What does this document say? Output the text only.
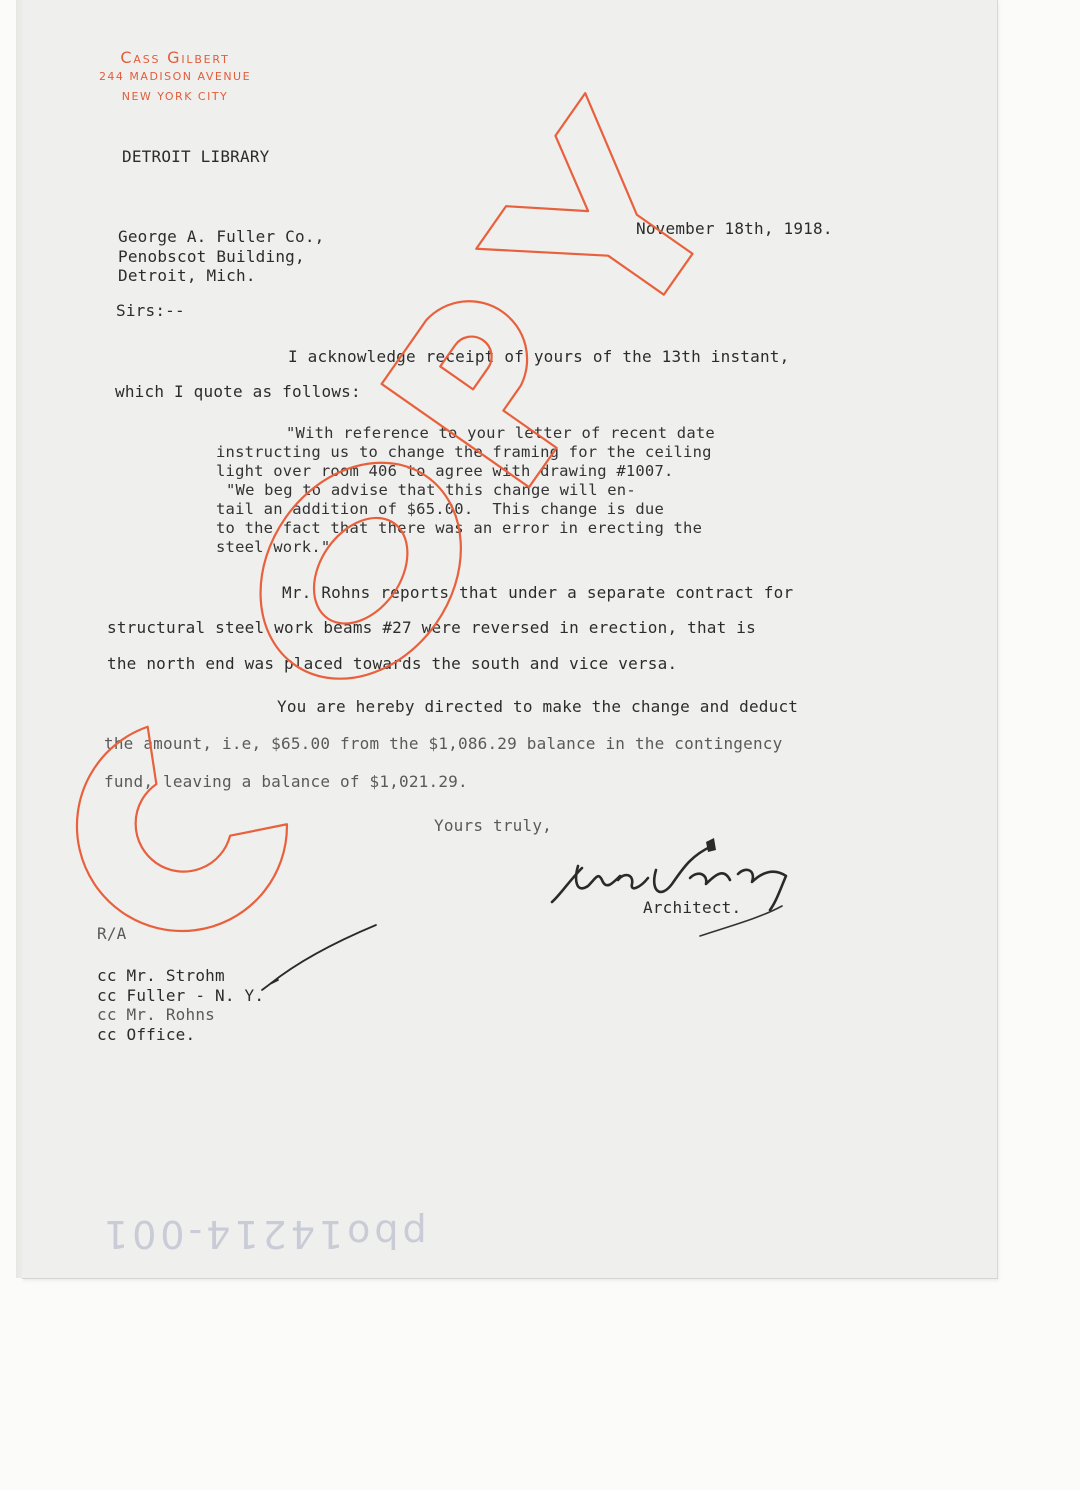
Cass Gilbert
244 MADISON AVENUE
NEW YORK CITY
DETROIT LIBRARY
November 18th, 1918.
George A. Fuller Co.,
Penobscot Building,
Detroit, Mich.
Sirs:--
I acknowledge receipt of yours of the 13th instant,
which I quote as follows:
"With reference to your letter of recent date
instructing us to change the framing for the ceiling
light over room 406 to agree with drawing #1007.
"We beg to advise that this change will en-
tail an addition of $65.00.  This change is due
to the fact that there was an error in erecting the
steel work."
Mr. Rohns reports that under a separate contract for
structural steel work beams #27 were reversed in erection, that is
the north end was placed towards the south and vice versa.
You are hereby directed to make the change and deduct
the amount, i.e, $65.00 from the $1,086.29 balance in the contingency
fund, leaving a balance of $1,021.29.
Yours truly,
Architect.
R/A
cc Mr. Strohm
cc Fuller - N. Y.
cc Mr. Rohns
cc Office.
pbo14214-001
